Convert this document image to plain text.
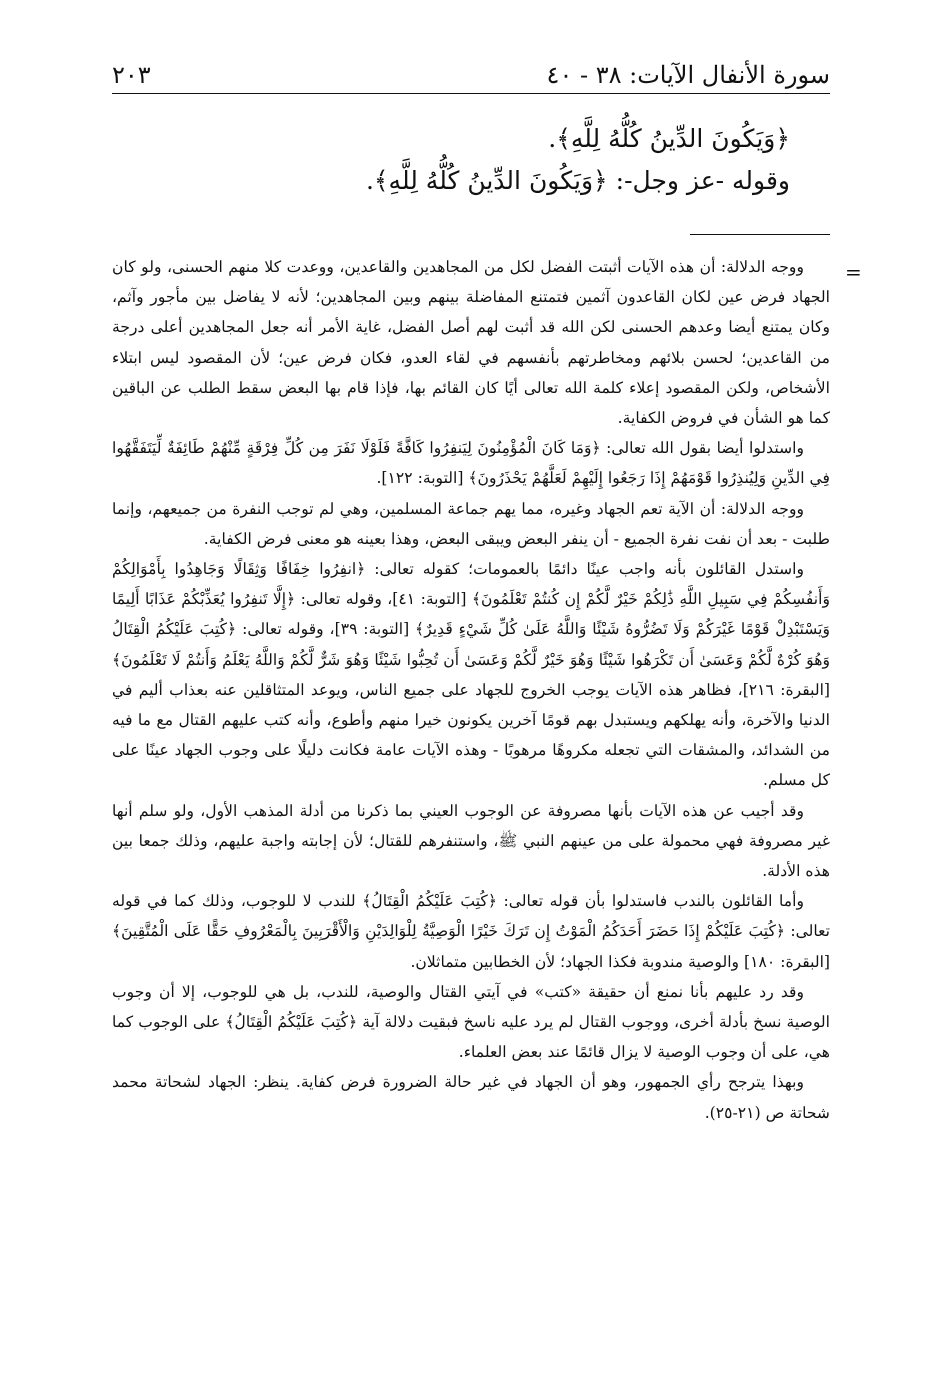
سورة الأنفال الآيات: ٣٨ - ٤٠
٢٠٣

﴿وَيَكُونَ الدِّينُ كُلُّهُ لِلَّهِ﴾.

وقوله -عز وجل-: ﴿وَيَكُونَ الدِّينُ كُلُّهُ لِلَّهِ﴾.

=

ووجه الدلالة: أن هذه الآيات أثبتت الفضل لكل من المجاهدين والقاعدين، ووعدت كلا منهم الحسنى، ولو كان الجهاد فرض عين لكان القاعدون آثمين فتمتنع المفاضلة بينهم وبين المجاهدين؛ لأنه لا يفاضل بين مأجور وآثم، وكان يمتنع أيضا وعدهم الحسنى لكن الله قد أثبت لهم أصل الفضل، غاية الأمر أنه جعل المجاهدين أعلى درجة من القاعدين؛ لحسن بلائهم ومخاطرتهم بأنفسهم في لقاء العدو، فكان فرض عين؛ لأن المقصود ليس ابتلاء الأشخاص، ولكن المقصود إعلاء كلمة الله تعالى أيًا كان القائم بها، فإذا قام بها البعض سقط الطلب عن الباقين كما هو الشأن في فروض الكفاية.

واستدلوا أيضا بقول الله تعالى: ﴿وَمَا كَانَ الْمُؤْمِنُونَ لِيَنفِرُوا كَافَّةً فَلَوْلَا نَفَرَ مِن كُلِّ فِرْقَةٍ مِّنْهُمْ طَائِفَةٌ لِّيَتَفَقَّهُوا فِي الدِّينِ وَلِيُنذِرُوا قَوْمَهُمْ إِذَا رَجَعُوا إِلَيْهِمْ لَعَلَّهُمْ يَحْذَرُونَ﴾ [التوبة: ١٢٢].

ووجه الدلالة: أن الآية تعم الجهاد وغيره، مما يهم جماعة المسلمين، وهي لم توجب النفرة من جميعهم، وإنما طلبت - بعد أن نفت نفرة الجميع - أن ينفر البعض ويبقى البعض، وهذا بعينه هو معنى فرض الكفاية.

واستدل القائلون بأنه واجب عينًا دائمًا بالعمومات؛ كقوله تعالى: ﴿انفِرُوا خِفَافًا وَثِقَالًا وَجَاهِدُوا بِأَمْوَالِكُمْ وَأَنفُسِكُمْ فِي سَبِيلِ اللَّهِ ذَٰلِكُمْ خَيْرٌ لَّكُمْ إِن كُنتُمْ تَعْلَمُونَ﴾ [التوبة: ٤١]، وقوله تعالى: ﴿إِلَّا تَنفِرُوا يُعَذِّبْكُمْ عَذَابًا أَلِيمًا وَيَسْتَبْدِلْ قَوْمًا غَيْرَكُمْ وَلَا تَضُرُّوهُ شَيْئًا وَاللَّهُ عَلَىٰ كُلِّ شَيْءٍ قَدِيرٌ﴾ [التوبة: ٣٩]، وقوله تعالى: ﴿كُتِبَ عَلَيْكُمُ الْقِتَالُ وَهُوَ كُرْهٌ لَّكُمْ وَعَسَىٰ أَن تَكْرَهُوا شَيْئًا وَهُوَ خَيْرٌ لَّكُمْ وَعَسَىٰ أَن تُحِبُّوا شَيْئًا وَهُوَ شَرٌّ لَّكُمْ وَاللَّهُ يَعْلَمُ وَأَنتُمْ لَا تَعْلَمُونَ﴾ [البقرة: ٢١٦]، فظاهر هذه الآيات يوجب الخروج للجهاد على جميع الناس، ويوعد المتثاقلين عنه بعذاب أليم في الدنيا والآخرة، وأنه يهلكهم ويستبدل بهم قومًا آخرين يكونون خيرا منهم وأطوع، وأنه كتب عليهم القتال مع ما فيه من الشدائد، والمشقات التي تجعله مكروهًا مرهوبًا - وهذه الآيات عامة فكانت دليلًا على وجوب الجهاد عينًا على كل مسلم.

وقد أجيب عن هذه الآيات بأنها مصروفة عن الوجوب العيني بما ذكرنا من أدلة المذهب الأول، ولو سلم أنها غير مصروفة فهي محمولة على من عينهم النبي ﷺ، واستنفرهم للقتال؛ لأن إجابته واجبة عليهم، وذلك جمعا بين هذه الأدلة.

وأما القائلون بالندب فاستدلوا بأن قوله تعالى: ﴿كُتِبَ عَلَيْكُمُ الْقِتَالُ﴾ للندب لا للوجوب، وذلك كما في قوله تعالى: ﴿كُتِبَ عَلَيْكُمْ إِذَا حَضَرَ أَحَدَكُمُ الْمَوْتُ إِن تَرَكَ خَيْرًا الْوَصِيَّةُ لِلْوَالِدَيْنِ وَالْأَقْرَبِينَ بِالْمَعْرُوفِ حَقًّا عَلَى الْمُتَّقِينَ﴾ [البقرة: ١٨٠] والوصية مندوبة فكذا الجهاد؛ لأن الخطابين متماثلان.

وقد رد عليهم بأنا نمنع أن حقيقة «كتب» في آيتي القتال والوصية، للندب، بل هي للوجوب، إلا أن وجوب الوصية نسخ بأدلة أخرى، ووجوب القتال لم يرد عليه ناسخ فبقيت دلالة آية ﴿كُتِبَ عَلَيْكُمُ الْقِتَالُ﴾ على الوجوب كما هي، على أن وجوب الوصية لا يزال قائمًا عند بعض العلماء.

وبهذا يترجح رأي الجمهور، وهو أن الجهاد في غير حالة الضرورة فرض كفاية. ينظر: الجهاد لشحاتة محمد شحاتة ص (٢١-٢٥).
